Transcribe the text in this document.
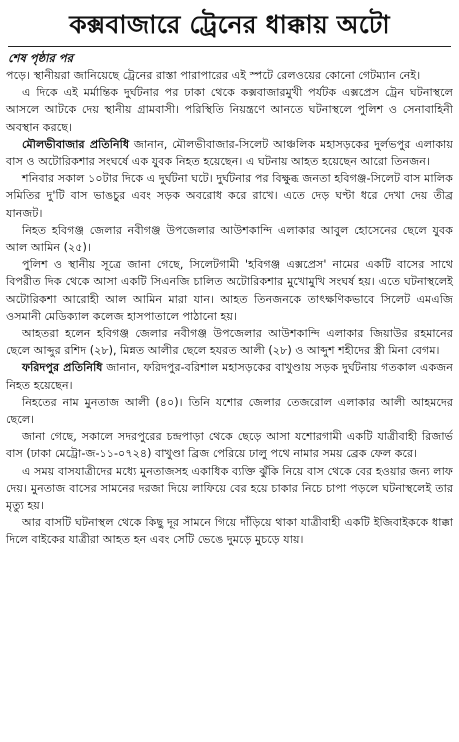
কক্সবাজারে ট্রেনের ধাক্কায় অটো
শেষ পৃষ্ঠার পর

পড়ে। স্থানীয়রা জানিয়েছে ট্রেনের রাস্তা পারাপারের এই স্পটে রেলওয়ের কোনো গেটম্যান নেই।

এ দিকে এই মর্মান্তিক দুর্ঘটনার পর ঢাকা থেকে কক্সবাজারমুখী পর্যটক এক্সপ্রেস ট্রেন ঘটনাস্থলে আসলে আটকে দেয় স্থানীয় গ্রামবাসী। পরিস্থিতি নিয়ন্ত্রণে আনতে ঘটনাস্থলে পুলিশ ও সেনাবাহিনী অবস্থান করছে।

মৌলভীবাজার প্রতিনিধি জানান, মৌলভীবাজার-সিলেট আঞ্চলিক মহাসড়কের দুর্লভপুর এলাকায় বাস ও অটোরিকশার সংঘর্ষে এক যুবক নিহত হয়েছেন। এ ঘটনায় আহত হয়েছেন আরো তিনজন।

শনিবার সকাল ১০টার দিকে এ দুর্ঘটনা ঘটে। দুর্ঘটনার পর বিক্ষুব্ধ জনতা হবিগঞ্জ-সিলেট বাস মালিক সমিতির দু'টি বাস ভাঙচুর এবং সড়ক অবরোধ করে রাখে। এতে দেড় ঘণ্টা ধরে দেখা দেয় তীব্র যানজট।

নিহত হবিগঞ্জ জেলার নবীগঞ্জ উপজেলার আউশকান্দি এলাকার আবুল হোসেনের ছেলে যুবক আল আমিন (২৫)।

পুলিশ ও স্থানীয় সূত্রে জানা গেছে, সিলেটগামী 'হবিগঞ্জ এক্সপ্রেস' নামের একটি বাসের সাথে বিপরীত দিক থেকে আসা একটি সিএনজি চালিত অটোরিকশার মুখোমুখি সংঘর্ষ হয়। এতে ঘটনাস্থলেই অটোরিকশা আরোহী আল আমিন মারা যান। আহত তিনজনকে তাৎক্ষণিকভাবে সিলেট এমএজি ওসমানী মেডিক্যাল কলেজ হাসপাতালে পাঠানো হয়।

আহতরা হলেন হবিগঞ্জ জেলার নবীগঞ্জ উপজেলার আউশকান্দি এলাকার জিয়াউর রহমানের ছেলে আব্দুর রশিদ (২৮), মিন্নত আলীর ছেলে হযরত আলী (২৮) ও আব্দুশ শহীদের স্ত্রী মিনা বেগম।

ফরিদপুর প্রতিনিধি জানান, ফরিদপুর-বরিশাল মহাসড়কের বাখুণ্ডায় সড়ক দুর্ঘটনায় গতকাল একজন নিহত হয়েছেন।

নিহতের নাম মুনতাজ আলী (৪০)। তিনি যশোর জেলার তেজরোল এলাকার আলী আহমদের ছেলে।

জানা গেছে, সকালে সদরপুরের চন্দ্রপাড়া থেকে ছেড়ে আসা যশোরগামী একটি যাত্রীবাহী রিজার্ভ বাস (ঢাকা মেট্রো-জ-১১-০৭২৪) বাখুণ্ডা ব্রিজ পেরিয়ে ঢালু পথে নামার সময় ব্রেক ফেল করে।

এ সময় বাসযাত্রীদের মধ্যে মুনতাজসহ একাধিক ব্যক্তি ঝুঁকি নিয়ে বাস থেকে বের হওয়ার জন্য লাফ দেয়। মুনতাজ বাসের সামনের দরজা দিয়ে লাফিয়ে বের হয়ে চাকার নিচে চাপা পড়লে ঘটনাস্থলেই তার মৃত্যু হয়।

আর বাসটি ঘটনাস্থল থেকে কিছু দূর সামনে গিয়ে দাঁড়িয়ে থাকা যাত্রীবাহী একটি ইজিবাইককে ধাক্কা দিলে বাইকের যাত্রীরা আহত হন এবং সেটি ভেঙে দুমড়ে মুচড়ে যায়।
